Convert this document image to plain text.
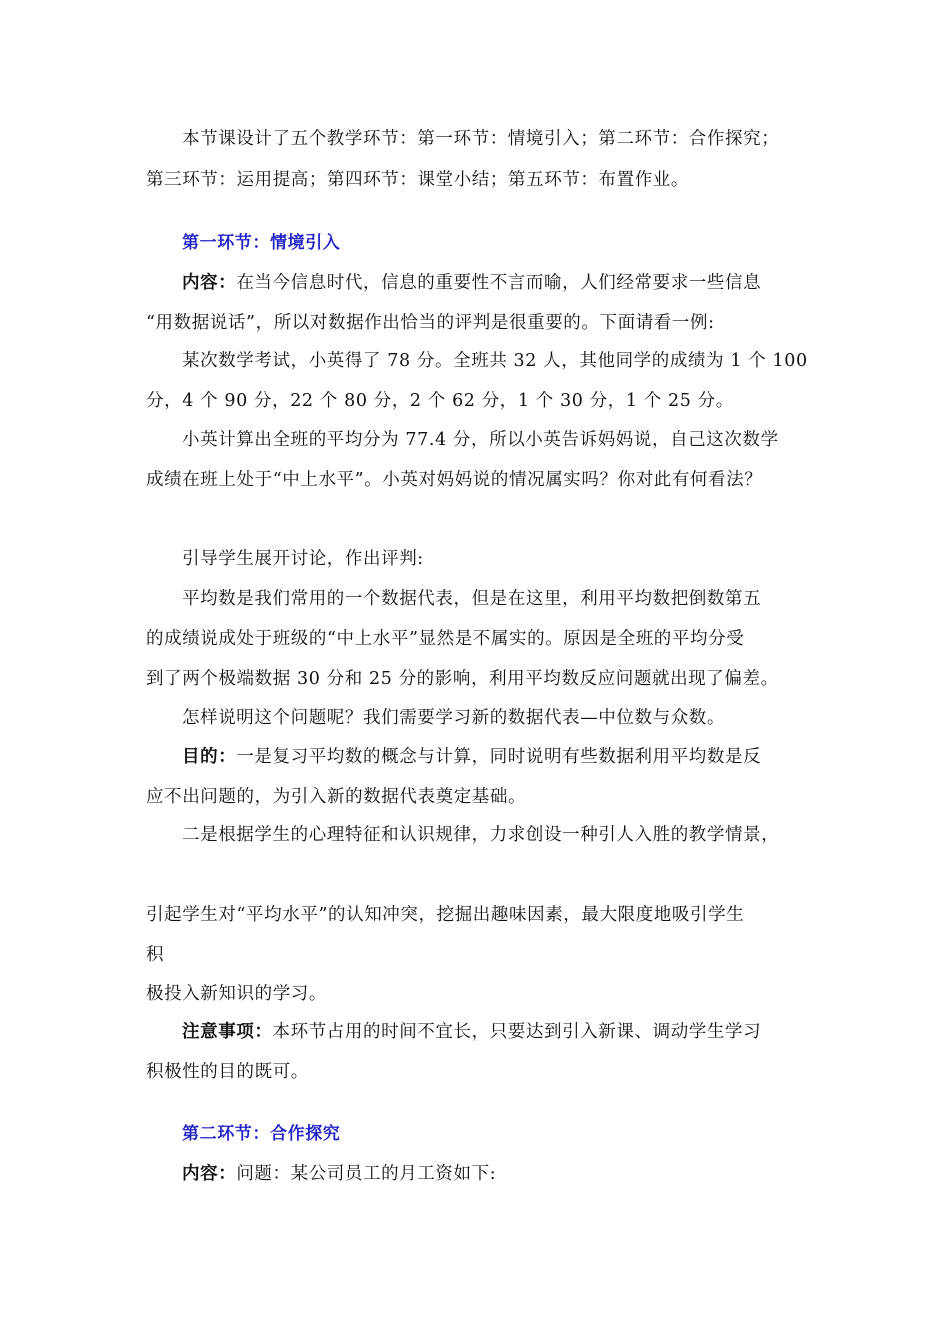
本节课设计了五个教学环节：第一环节：情境引入；第二环节：合作探究；
第三环节：运用提高；第四环节：课堂小结；第五环节：布置作业。
第一环节：情境引入
内容：在当今信息时代，信息的重要性不言而喻，人们经常要求一些信息
“用数据说话”，所以对数据作出恰当的评判是很重要的。下面请看一例:
某次数学考试，小英得了 78 分。全班共 32 人，其他同学的成绩为 1 个 100
分，4 个 90 分，22 个 80 分，2 个 62 分，1 个 30 分，1 个 25 分。
小英计算出全班的平均分为 77.4 分，所以小英告诉妈妈说，自己这次数学
成绩在班上处于“中上水平”。小英对妈妈说的情况属实吗？你对此有何看法？
引导学生展开讨论，作出评判:
平均数是我们常用的一个数据代表，但是在这里，利用平均数把倒数第五
的成绩说成处于班级的“中上水平”显然是不属实的。原因是全班的平均分受
到了两个极端数据 30 分和 25 分的影响，利用平均数反应问题就出现了偏差。
怎样说明这个问题呢？我们需要学习新的数据代表—中位数与众数。
目的：一是复习平均数的概念与计算，同时说明有些数据利用平均数是反
应不出问题的，为引入新的数据代表奠定基础。
二是根据学生的心理特征和认识规律，力求创设一种引人入胜的教学情景，
引起学生对“平均水平”的认知冲突，挖掘出趣味因素，最大限度地吸引学生
积
极投入新知识的学习。
注意事项：本环节占用的时间不宜长，只要达到引入新课、调动学生学习
积极性的目的既可。
第二环节：合作探究
内容：问题：某公司员工的月工资如下:
